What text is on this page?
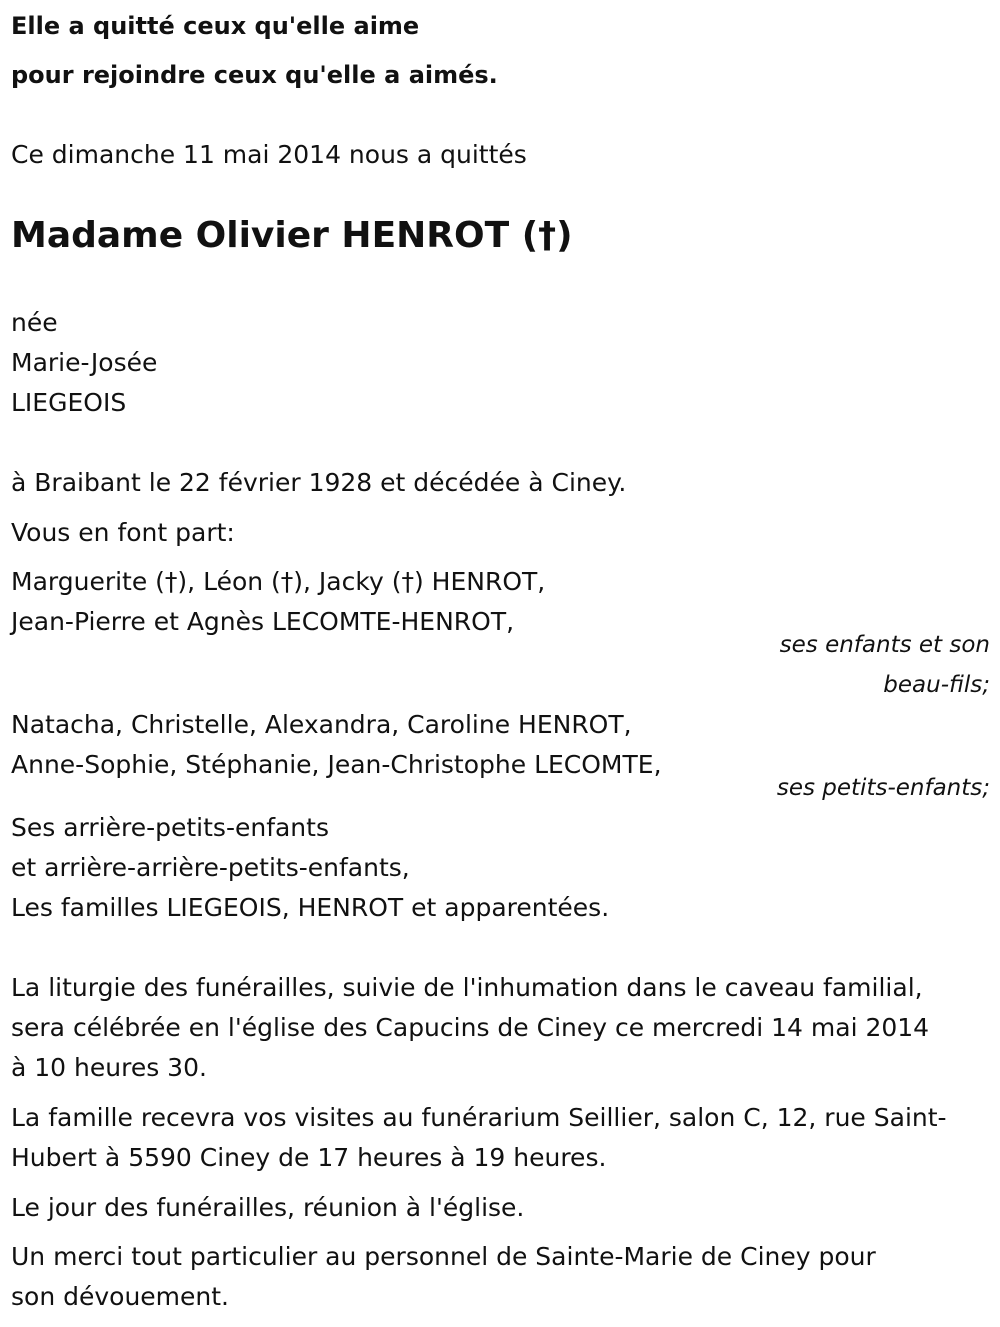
Elle a quitté ceux qu'elle aime
pour rejoindre ceux qu'elle a aimés.
Ce dimanche 11 mai 2014 nous a quittés
Madame Olivier HENROT (†)
née
Marie-Josée
LIEGEOIS
à Braibant le 22 février 1928 et décédée à Ciney.
Vous en font part:
Marguerite (†), Léon (†), Jacky (†) HENROT,
Jean-Pierre et Agnès LECOMTE-HENROT,
ses enfants et son
beau-fils;
Natacha, Christelle, Alexandra, Caroline HENROT,
Anne-Sophie, Stéphanie, Jean-Christophe LECOMTE,
ses petits-enfants;
Ses arrière-petits-enfants
et arrière-arrière-petits-enfants,
Les familles LIEGEOIS, HENROT et apparentées.
La liturgie des funérailles, suivie de l'inhumation dans le caveau familial,
sera célébrée en l'église des Capucins de Ciney ce mercredi 14 mai 2014
à 10 heures 30.
La famille recevra vos visites au funérarium Seillier, salon C, 12, rue Saint-
Hubert à 5590 Ciney de 17 heures à 19 heures.
Le jour des funérailles, réunion à l'église.
Un merci tout particulier au personnel de Sainte-Marie de Ciney pour
son dévouement.
